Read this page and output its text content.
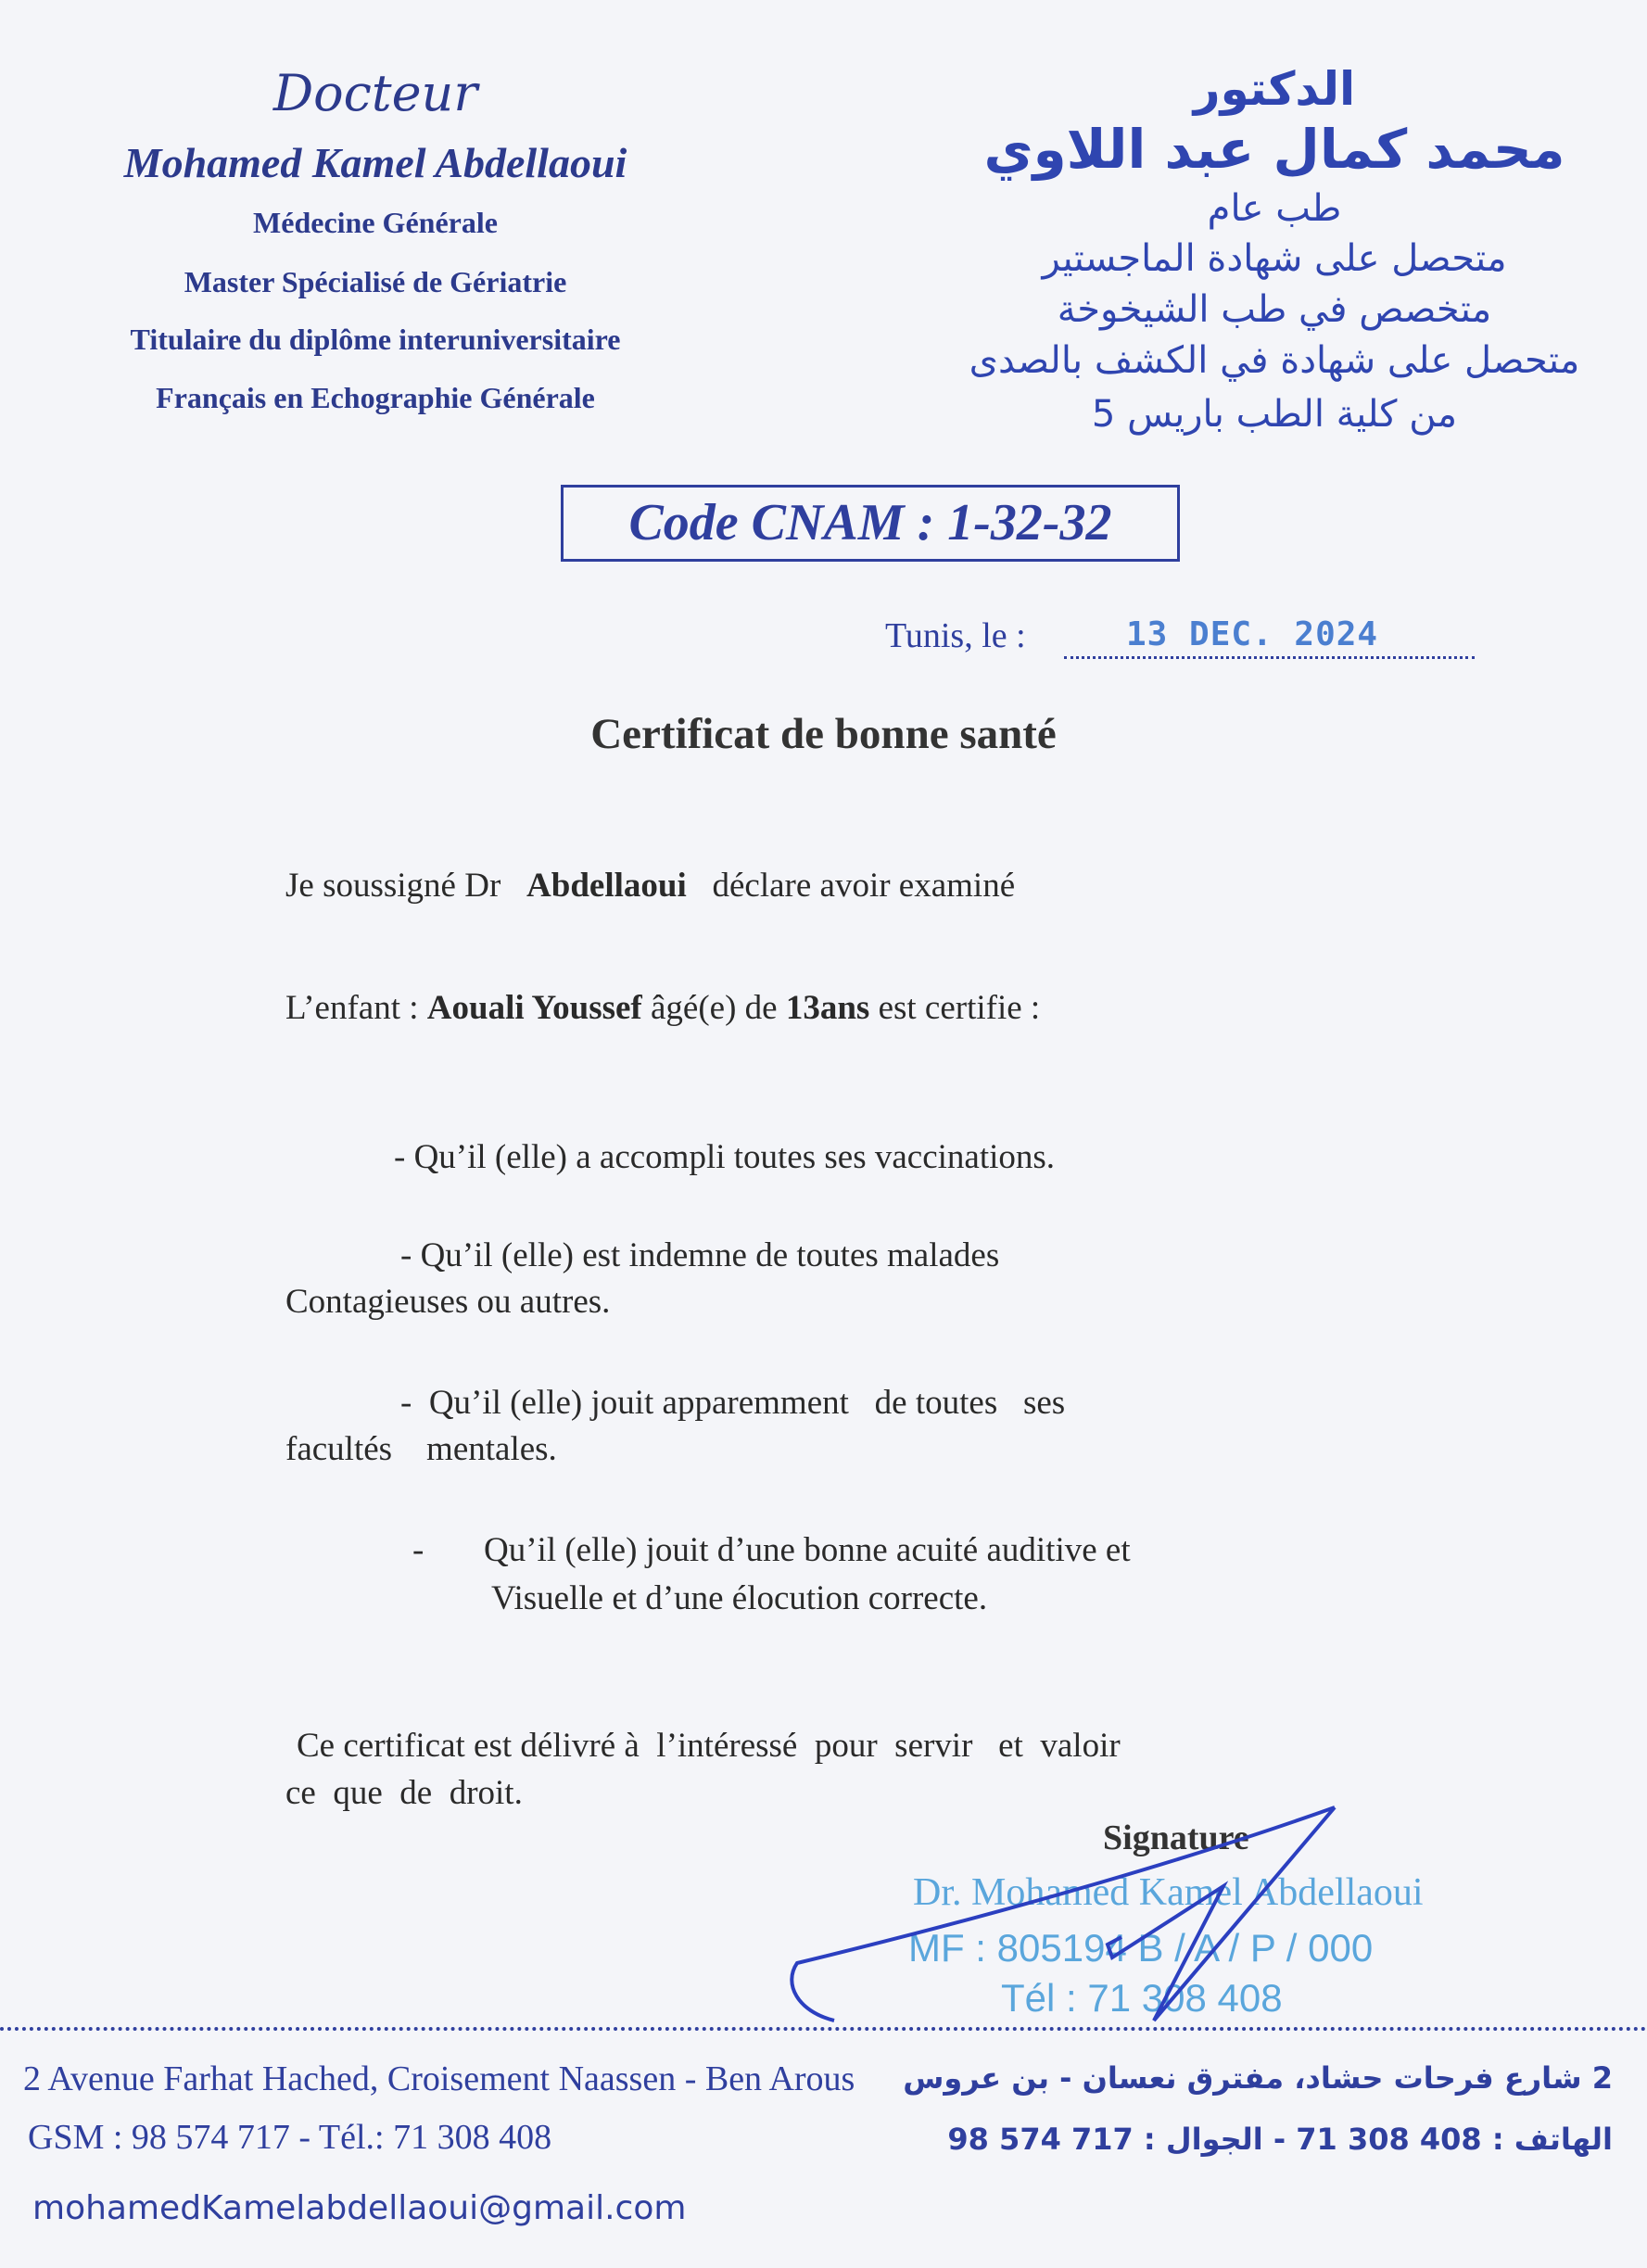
Docteur
Mohamed Kamel Abdellaoui
Médecine Générale
Master Spécialisé de Gériatrie
Titulaire du diplôme interuniversitaire
Français en Echographie Générale
الدكتور
محمد كمال عبد اللاوي
طب عام
متحصل على شهادة الماجستير
متخصص في طب الشيخوخة
متحصل على شهادة في الكشف بالصدى
من كلية الطب باريس 5
Code CNAM : 1-32-32
Tunis, le :	13 DEC. 2024
Certificat de bonne santé
Je soussigné Dr Abdellaoui déclare avoir examiné
L’enfant : Aouali Youssef âgé(e) de 13ans est certifie :
- Qu’il (elle) a accompli toutes ses vaccinations.
- Qu’il (elle) est indemne de toutes malades
Contagieuses ou autres.
-  Qu’il (elle) jouit apparemment   de toutes   ses
facultés    mentales.
- Qu’il (elle) jouit d’une bonne acuité auditive et
Visuelle et d’une élocution correcte.
Ce certificat est délivré à  l’intéressé  pour  servir   et  valoir
ce  que  de  droit.
Signature
Dr. Mohamed Kamel Abdellaoui
MF : 805194 B / A / P / 000
Tél : 71 308 408
2 Avenue Farhat Hached, Croisement Naassen - Ben Arous
GSM : 98 574 717 - Tél.: 71 308 408
mohamedKamelabdellaoui@gmail.com
2 شارع فرحات حشاد، مفترق نعسان - بن عروس
الهاتف : 408 308 71 - الجوال : 717 574 98
